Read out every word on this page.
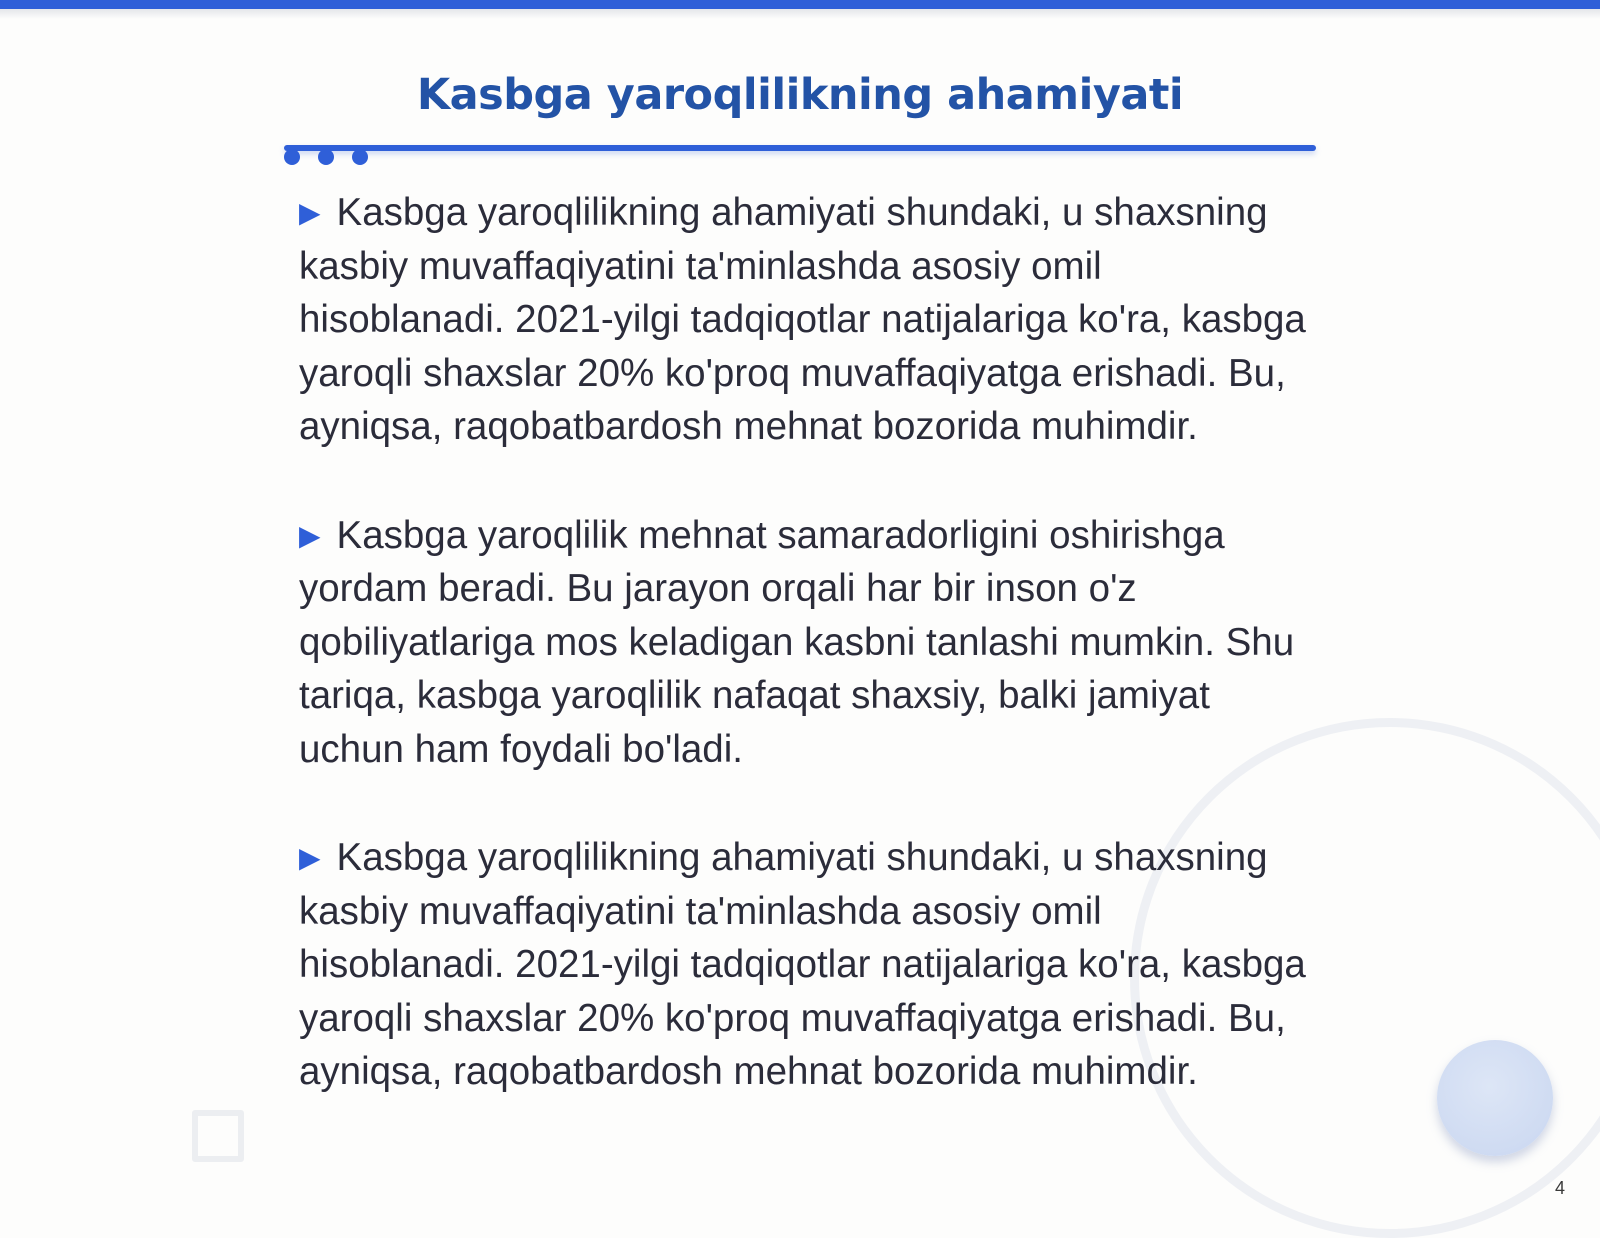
Kasbga yaroqlilikning ahamiyati
▶ Kasbga yaroqlilikning ahamiyati shundaki, u shaxsning kasbiy muvaffaqiyatini ta'minlashda asosiy omil hisoblanadi. 2021-yilgi tadqiqotlar natijalariga ko'ra, kasbga yaroqli shaxslar 20% ko'proq muvaffaqiyatga erishadi. Bu, ayniqsa, raqobatbardosh mehnat bozorida muhimdir.
▶ Kasbga yaroqlilik mehnat samaradorligini oshirishga yordam beradi. Bu jarayon orqali har bir inson o'z qobiliyatlariga mos keladigan kasbni tanlashi mumkin. Shu tariqa, kasbga yaroqlilik nafaqat shaxsiy, balki jamiyat uchun ham foydali bo'ladi.
▶ Kasbga yaroqlilikning ahamiyati shundaki, u shaxsning kasbiy muvaffaqiyatini ta'minlashda asosiy omil hisoblanadi. 2021-yilgi tadqiqotlar natijalariga ko'ra, kasbga yaroqli shaxslar 20% ko'proq muvaffaqiyatga erishadi. Bu, ayniqsa, raqobatbardosh mehnat bozorida muhimdir.
4
